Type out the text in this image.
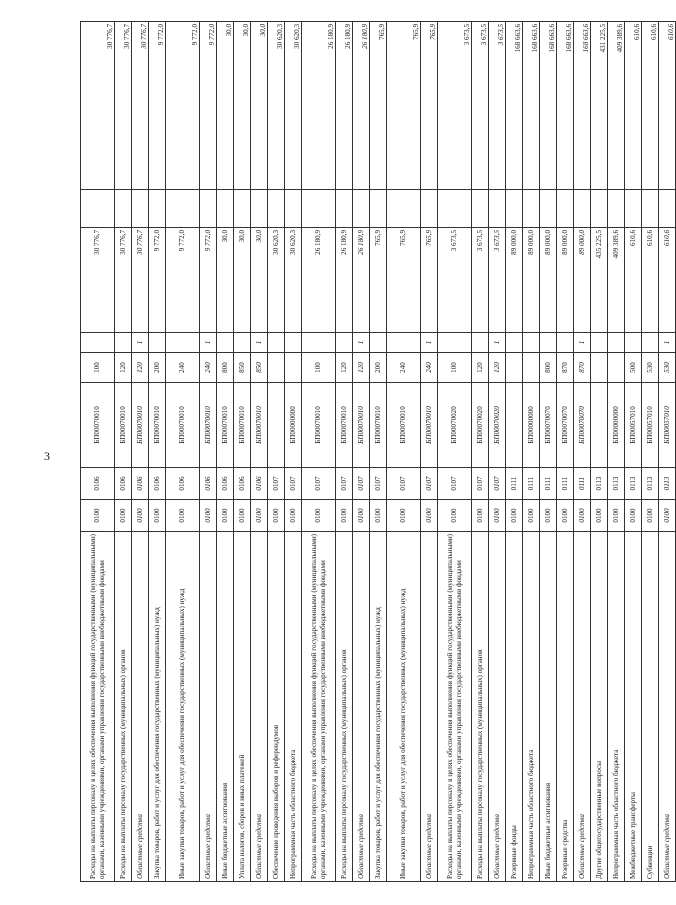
3
Расходы на выплаты персоналу в целях обеспечения выполнения функций государственными (муниципальными) органами, казенными учреждениями, органами управления государственными внебюджетными фондами	0100	0106	БП00070010	100		30 776,7		30 776,7
Расходы на выплаты персоналу государственных (муниципальных) органов	0100	0106	БП00070010	120		30 776,7		30 776,7
Областные средства	0100	0106	БП00070010	120	1	30 776,7		30 776,7
Закупка товаров, работ и услуг для обеспечения государственных (муниципальных) нужд	0100	0106	БП00070010	200		9 772,0		9 772,0
Иные закупки товаров, работ и услуг для обеспечения государственных (муниципальных) нужд	0100	0106	БП00070010	240		9 772,0		9 772,0
Областные средства	0100	0106	БП00070010	240	1	9 772,0		9 772,0
Иные бюджетные ассигнования	0100	0106	БП00070010	800		30,0		30,0
Уплата налогов, сборов и иных платежей	0100	0106	БП00070010	850		30,0		30,0
Областные средства	0100	0106	БП00070010	850	1	30,0		30,0
Обеспечение проведения выборов и референдумов	0100	0107				30 620,3		30 620,3
Непрограммная часть областного бюджета	0100	0107	БП00000000			30 620,3		30 620,3
Расходы на выплаты персоналу в целях обеспечения выполнения функций государственными (муниципальными) органами, казенными учреждениями, органами управления государственными внебюджетными фондами	0100	0107	БП00070010	100		26 180,9		26 180,9
Расходы на выплаты персоналу государственных (муниципальных) органов	0100	0107	БП00070010	120		26 180,9		26 180,9
Областные средства	0100	0107	БП00070010	120	1	26 180,9		26 180,9
Закупка товаров, работ и услуг для обеспечения государственных (муниципальных) нужд	0100	0107	БП00070010	200		765,9		765,9
Иные закупки товаров, работ и услуг для обеспечения государственных (муниципальных) нужд	0100	0107	БП00070010	240		765,9		765,9
Областные средства	0100	0107	БП00070010	240	1	765,9		765,9
Расходы на выплаты персоналу в целях обеспечения выполнения функций государственными (муниципальными) органами, казенными учреждениями, органами управления государственными внебюджетными фондами	0100	0107	БП00070020	100		3 673,5		3 673,5
Расходы на выплаты персоналу государственных (муниципальных) органов	0100	0107	БП00070020	120		3 673,5		3 673,5
Областные средства	0100	0107	БП00070020	120	1	3 673,5		3 673,5
Резервные фонды	0100	0111				89 000,0		168 663,6
Непрограммная часть областного бюджета	0100	0111	БП00000000			89 000,0		168 663,6
Иные бюджетные ассигнования	0100	0111	БП00070070	800		89 000,0		168 663,6
Резервные средства	0100	0111	БП00070070	870		89 000,0		168 663,6
Областные средства	0100	0111	БП00070070	870	1	89 000,0		168 663,6
Другие общегосударственные вопросы	0100	0113				435 225,5		431 225,5
Непрограммная часть областного бюджета	0100	0113	БП00000000			409 389,6		409 389,6
Межбюджетные трансферты	0100	0113	БП00057010	500		610,6		610,6
Субвенции	0100	0113	БП00057010	530		610,6		610,6
Областные средства	0100	0113	БП00057010	530	1	610,6		610,6
